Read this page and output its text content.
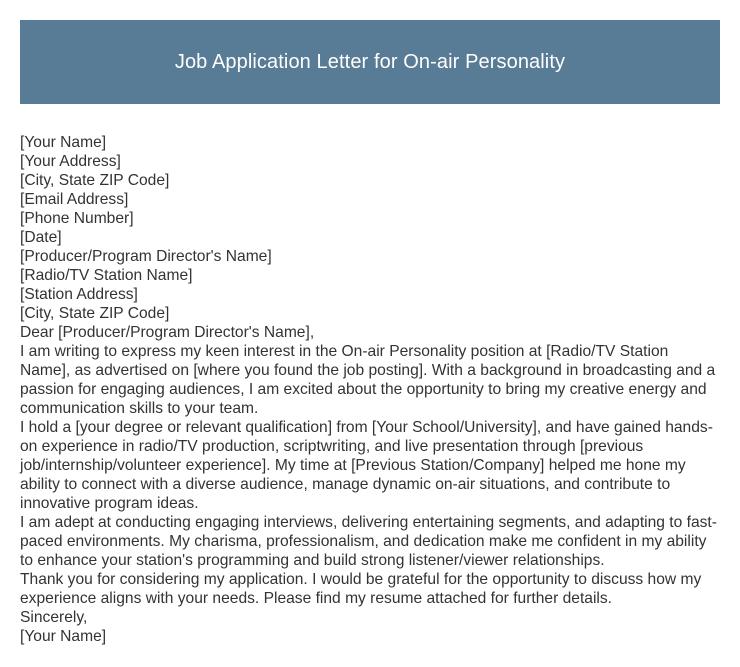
Job Application Letter for On-air Personality

[Your Name]

[Your Address]

[City, State ZIP Code]

[Email Address]

[Phone Number]

[Date]

[Producer/Program Director's Name]

[Radio/TV Station Name]

[Station Address]

[City, State ZIP Code]

Dear [Producer/Program Director's Name],

I am writing to express my keen interest in the On-air Personality position at [Radio/TV Station Name], as advertised on [where you found the job posting]. With a background in broadcasting and a passion for engaging audiences, I am excited about the opportunity to bring my creative energy and communication skills to your team.

I hold a [your degree or relevant qualification] from [Your School/University], and have gained hands-on experience in radio/TV production, scriptwriting, and live presentation through [previous job/internship/volunteer experience]. My time at [Previous Station/Company] helped me hone my ability to connect with a diverse audience, manage dynamic on-air situations, and contribute to innovative program ideas.

I am adept at conducting engaging interviews, delivering entertaining segments, and adapting to fast-paced environments. My charisma, professionalism, and dedication make me confident in my ability to enhance your station's programming and build strong listener/viewer relationships.

Thank you for considering my application. I would be grateful for the opportunity to discuss how my experience aligns with your needs. Please find my resume attached for further details.

Sincerely,

[Your Name]
